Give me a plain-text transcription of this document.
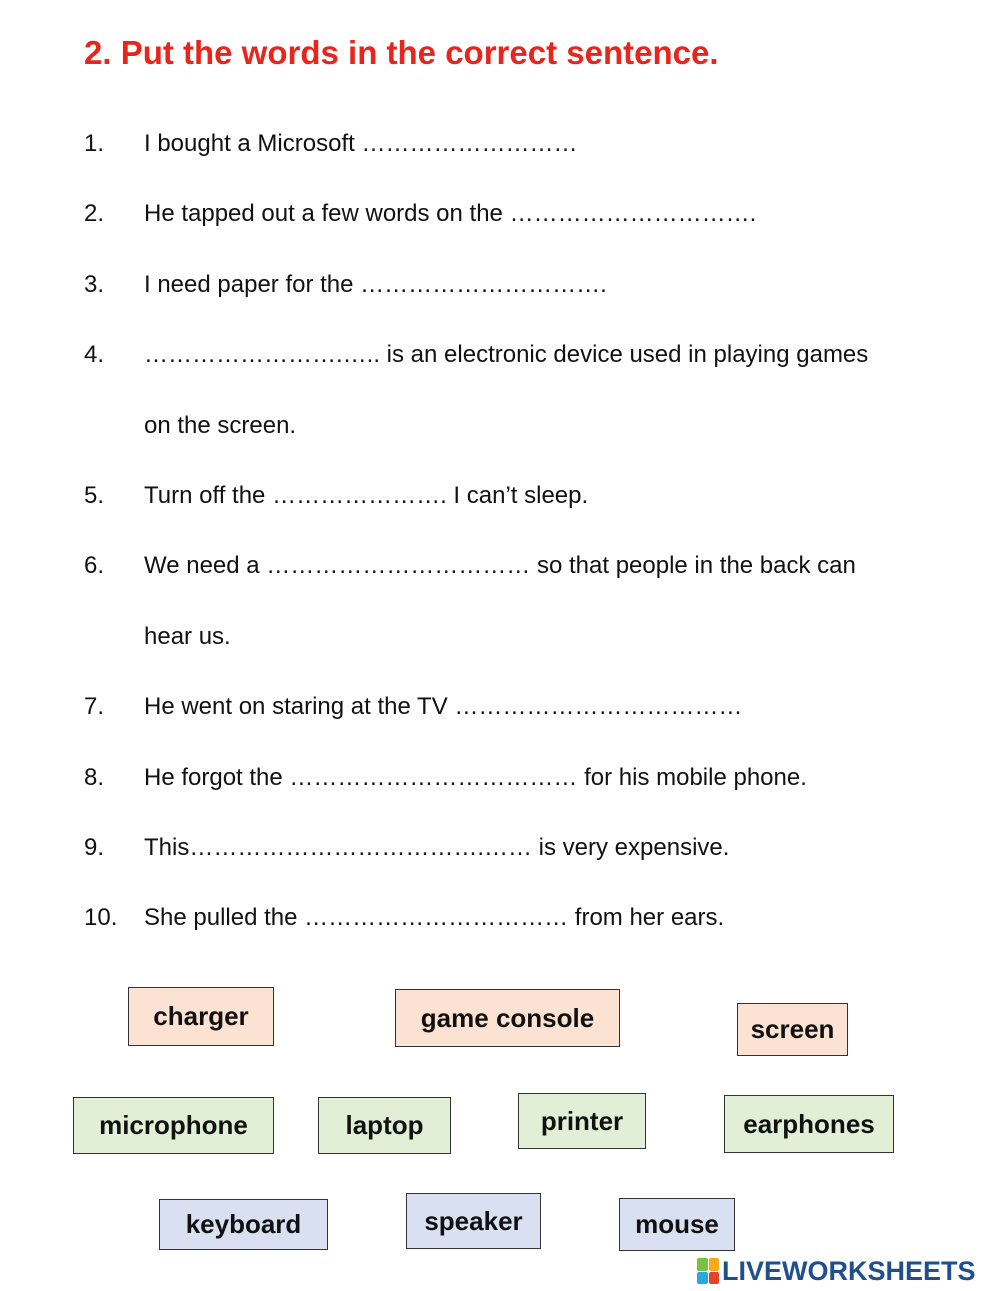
2. Put the words in the correct sentence.
1. I bought a Microsoft ………………………
2. He tapped out a few words on the ………………………….
3. I need paper for the ………………………….
4. …………………….….. is an electronic device used in playing games
on the screen.
5. Turn off the …………………. I can’t sleep.
6. We need a …………………………… so that people in the back can
hear us.
7. He went on staring at the TV ………………………………
8. He forgot the ……………………………… for his mobile phone.
9. This……………………………….…… is very expensive.
10. She pulled the …………………………… from her ears.
charger	game console	screen
microphone	laptop	printer	earphones
keyboard	speaker	mouse
LIVEWORKSHEETS
